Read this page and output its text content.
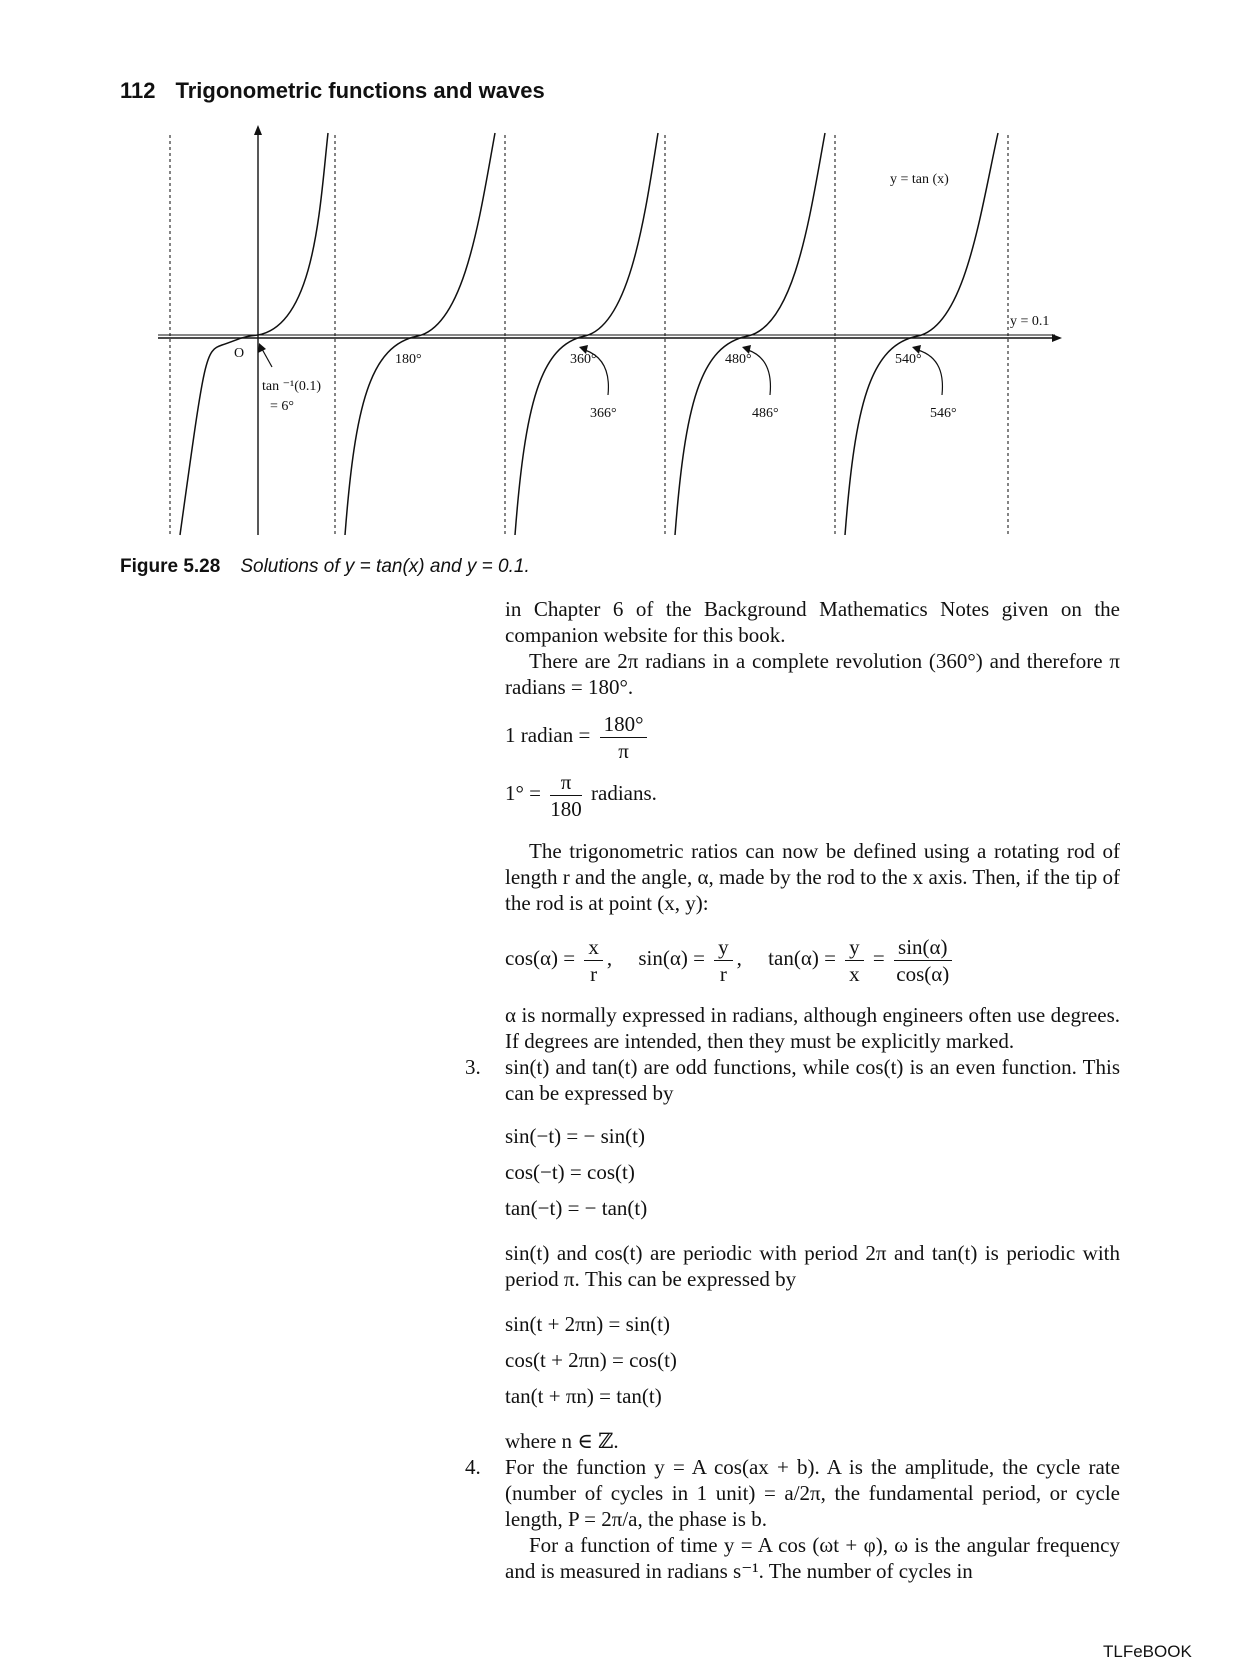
112 Trigonometric functions and waves
y = tan (x)
y = 0.1
O
tan ⁻¹(0.1)
= 6°
180°	360°	480°	540°
366°	486°	546°
Figure 5.28 Solutions of y = tan(x) and y = 0.1.

in Chapter 6 of the Background Mathematics Notes given on the companion website for this book.

There are 2π radians in a complete revolution (360°) and therefore π radians = 180°.

1 radian = $\frac{180^\circ}{\pi}$
$1^\circ = \frac{\pi}{180}$ radians.

The trigonometric ratios can now be defined using a rotating rod of length r and the angle, α, made by the rod to the x axis. Then, if the tip of the rod is at point (x, y):

$\cos(\alpha) = \frac{x}{r}$ ,     $\sin(\alpha) = \frac{y}{r}$ ,     $\tan(\alpha) = \frac{y}{x} = \frac{\sin(\alpha)}{\cos(\alpha)}$

α is normally expressed in radians, although engineers often use degrees. If degrees are intended, then they must be explicitly marked.

3. sin(t) and tan(t) are odd functions, while cos(t) is an even function. This can be expressed by

sin(−t) = − sin(t)
cos(−t) = cos(t)
tan(−t) = − tan(t)

sin(t) and cos(t) are periodic with period 2π and tan(t) is periodic with period π. This can be expressed by

sin(t + 2πn) = sin(t)
cos(t + 2πn) = cos(t)
tan(t + πn) = tan(t)

where n ∈ ℤ.

4. For the function y = A cos(ax + b). A is the amplitude, the cycle rate (number of cycles in 1 unit) = a/2π, the fundamental period, or cycle length, P = 2π/a, the phase is b.

For a function of time y = A cos (ωt + φ), ω is the angular frequency and is measured in radians s⁻¹. The number of cycles in

TLFeBOOK
